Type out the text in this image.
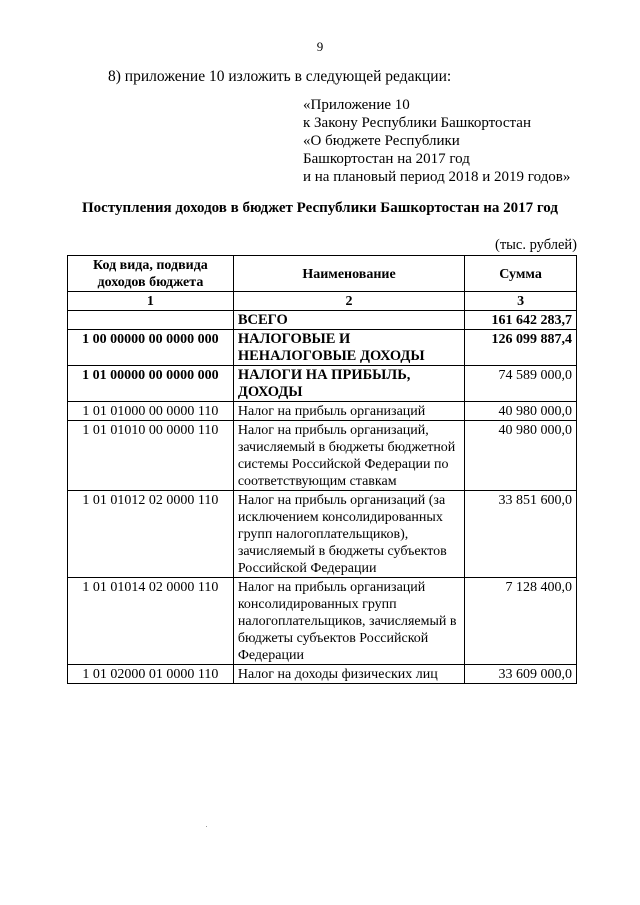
9

8) приложение 10 изложить в следующей редакции:

«Приложение 10
к Закону Республики Башкортостан
«О бюджете Республики
Башкортостан на 2017 год
и на плановый период 2018 и 2019 годов»
Поступления доходов в бюджет Республики Башкортостан на 2017 год
(тыс. рублей)
Код вида, подвида доходов бюджета	Наименование	Сумма
1	2	3
	ВСЕГО	161 642 283,7
1 00 00000 00 0000 000	НАЛОГОВЫЕ И НЕНАЛОГОВЫЕ ДОХОДЫ	126 099 887,4
1 01 00000 00 0000 000	НАЛОГИ НА ПРИБЫЛЬ, ДОХОДЫ	74 589 000,0
1 01 01000 00 0000 110	Налог на прибыль организаций	40 980 000,0
1 01 01010 00 0000 110	Налог на прибыль организаций, зачисляемый в бюджеты бюджетной системы Российской Федерации по соответствующим ставкам	40 980 000,0
1 01 01012 02 0000 110	Налог на прибыль организаций (за исключением консолидированных групп налогоплательщиков), зачисляемый в бюджеты субъектов Российской Федерации	33 851 600,0
1 01 01014 02 0000 110	Налог на прибыль организаций консолидированных групп налогоплательщиков, зачисляемый в бюджеты субъектов Российской Федерации	7 128 400,0
1 01 02000 01 0000 110	Налог на доходы физических лиц	33 609 000,0
